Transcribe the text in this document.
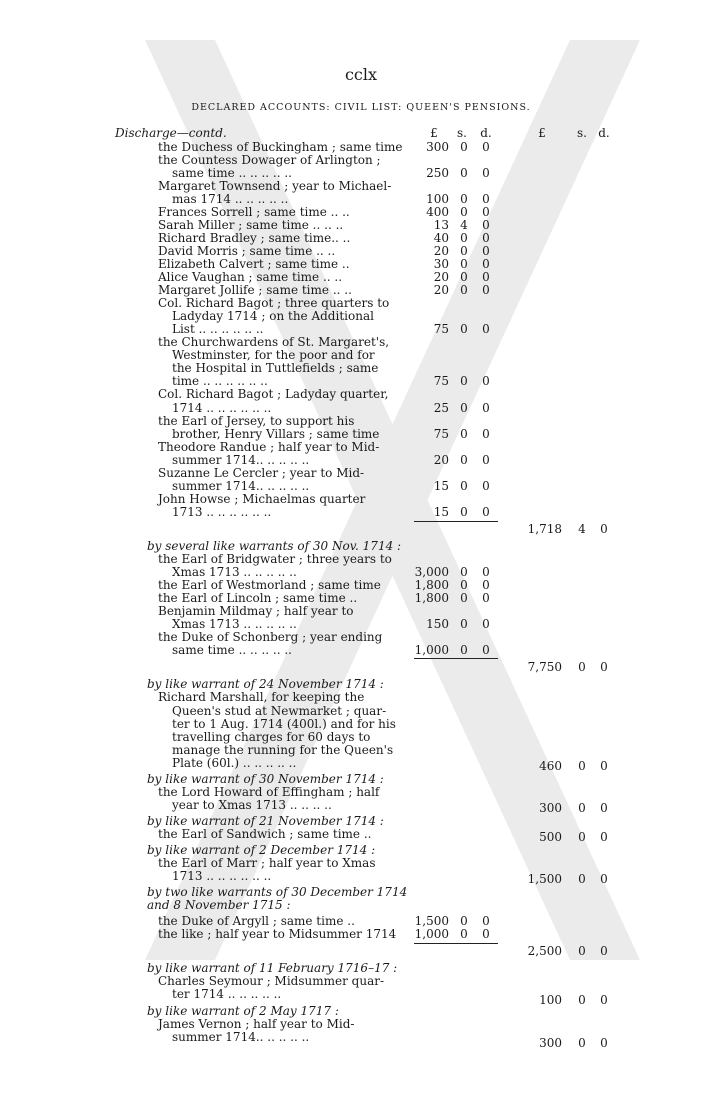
cclx
DECLARED ACCOUNTS: CIVIL LIST: QUEEN'S PENSIONS.
Discharge—contd.	£	s.	d.	£	s. d.
the Duchess of Buckingham ; same time	300 0	0
the Countess Dowager of Arlington ;
same time .. .. .. .. ..	250 0	0
Margaret Townsend ; year to Michael-
mas 1714 .. .. .. .. ..	100 0	0
Frances Sorrell ; same time .. ..	400 0	0
Sarah Miller ; same time .. .. ..	13 4	0
Richard Bradley ; same time.. ..	40 0	0
David Morris ; same time .. ..	20 0	0
Elizabeth Calvert ; same time ..	30 0	0
Alice Vaughan ; same time .. ..	20 0	0
Margaret Jollife ; same time .. ..	20 0	0
Col. Richard Bagot ; three quarters to
Ladyday 1714 ; on the Additional
List .. .. .. .. .. ..	75 0	0
the Churchwardens of St. Margaret's,
Westminster, for the poor and for
the Hospital in Tuttlefields ; same
time .. .. .. .. .. ..	75 0	0
Col. Richard Bagot ; Ladyday quarter,
1714 .. .. .. .. .. ..	25 0	0
the Earl of Jersey, to support his
brother, Henry Villars ; same time	75 0	0
Theodore Randue ; half year to Mid-
summer 1714.. .. .. .. ..	20 0	0
Suzanne Le Cercler ; year to Mid-
summer 1714.. .. .. .. ..	15 0	0
John Howse ; Michaelmas quarter
1713 .. .. .. .. .. ..	15 0	0
1,718	4	0
by several like warrants of 30 Nov. 1714 :
the Earl of Bridgwater ; three years to
Xmas 1713 .. .. .. .. ..	3,000 0	0
the Earl of Westmorland ; same time	1,800 0	0
the Earl of Lincoln ; same time ..	1,800 0	0
Benjamin Mildmay ; half year to
Xmas 1713 .. .. .. .. ..	150 0	0
the Duke of Schonberg ; year ending
same time .. .. .. .. ..	1,000 0	0
7,750	0	0
by like warrant of 24 November 1714 :
Richard Marshall, for keeping the
Queen's stud at Newmarket ; quar-
ter to 1 Aug. 1714 (400l.) and for his
travelling charges for 60 days to
manage the running for the Queen's
Plate (60l.) .. .. .. .. ..	460	0	0
by like warrant of 30 November 1714 :
the Lord Howard of Effingham ; half
year to Xmas 1713 .. .. .. ..	300	0	0
by like warrant of 21 November 1714 :
the Earl of Sandwich ; same time ..	500	0	0
by like warrant of 2 December 1714 :
the Earl of Marr ; half year to Xmas
1713 .. .. .. .. .. ..	1,500	0	0
by two like warrants of 30 December 1714
and 8 November 1715 :
the Duke of Argyll ; same time ..	1,500 0	0
the like ; half year to Midsummer 1714	1,000 0	0
2,500	0	0
by like warrant of 11 February 1716–17 :
Charles Seymour ; Midsummer quar-
ter 1714 .. .. .. .. ..	100	0	0
by like warrant of 2 May 1717 :
James Vernon ; half year to Mid-
summer 1714.. .. .. .. ..	300	0	0
